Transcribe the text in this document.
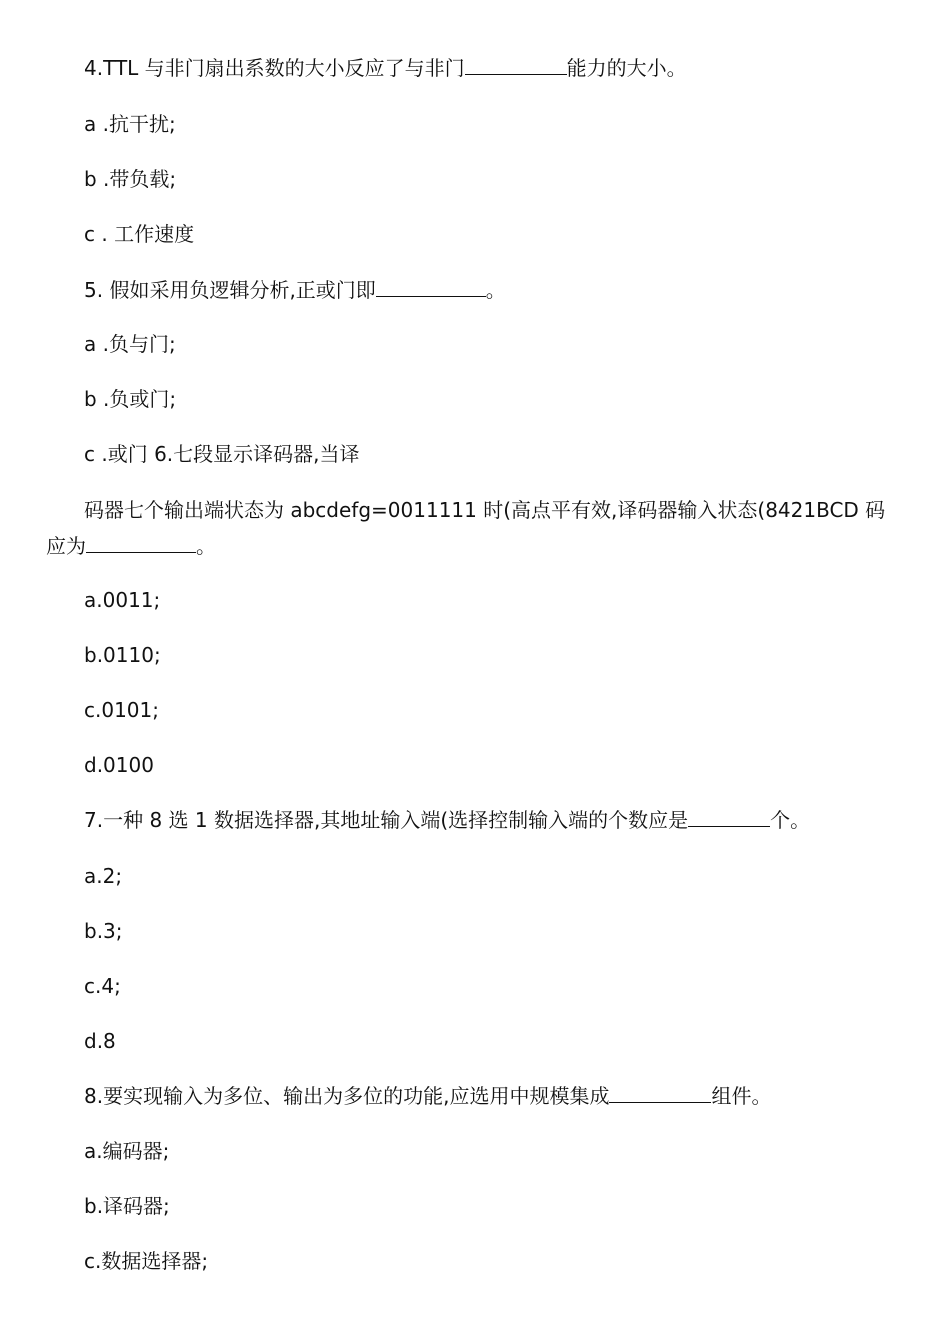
4.TTL 与非门扇出系数的大小反应了与非门	能力的大小。
a .抗干扰;
b .带负载;
c . 工作速度
5. 假如采用负逻辑分析,正或门即	。
a .负与门;
b .负或门;
c .或门 6.七段显示译码器,当译
码器七个输出端状态为 abcdefg=0011111 时(高点平有效,译码器输入状态(8421BCD 码
应为	。
a.0011;
b.0110;
c.0101;
d.0100
7.一种 8 选 1 数据选择器,其地址输入端(选择控制输入端的个数应是	个。
a.2;
b.3;
c.4;
d.8
8.要实现输入为多位、输出为多位的功能,应选用中规模集成	组件。
a.编码器;
b.译码器;
c.数据选择器;
